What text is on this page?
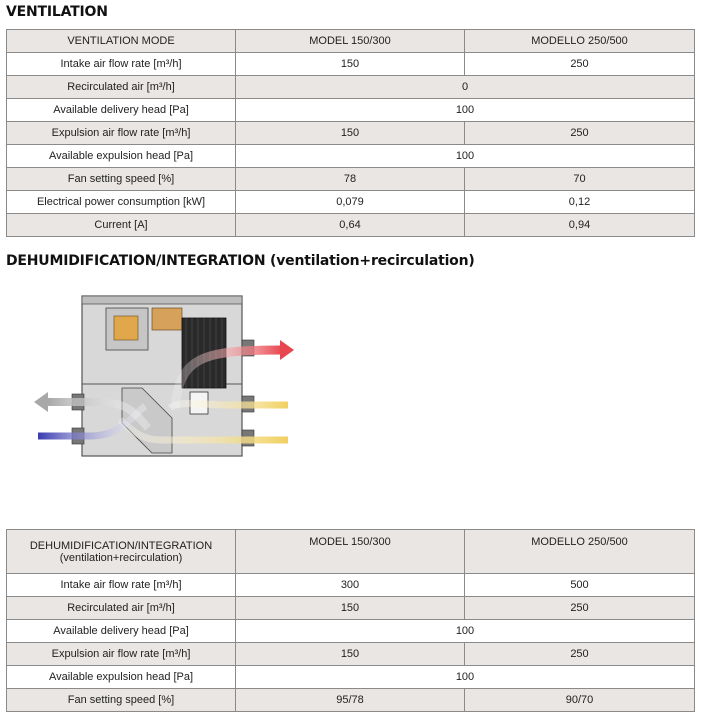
VENTILATION
VENTILATION MODE	MODEL 150/300	MODELLO 250/500
Intake air flow rate [m³/h]	150	250
Recirculated air [m³/h]	0	
Available delivery head [Pa]	100	
Expulsion air flow rate [m³/h]	150	250
Available expulsion head [Pa]	100	
Fan setting speed [%]	78	70
Electrical power consumption [kW]	0,079	0,12
Current [A]	0,64	0,94
DEHUMIDIFICATION/INTEGRATION (ventilation+recirculation)
DEHUMIDIFICATION/INTEGRATION
(ventilation+recirculation)	MODEL 150/300	MODELLO 250/500
Intake air flow rate [m³/h]	300	500
Recirculated air [m³/h]	150	250
Available delivery head [Pa]	100	
Expulsion air flow rate [m³/h]	150	250
Available expulsion head [Pa]	100	
Fan setting speed [%]	95/78	90/70
